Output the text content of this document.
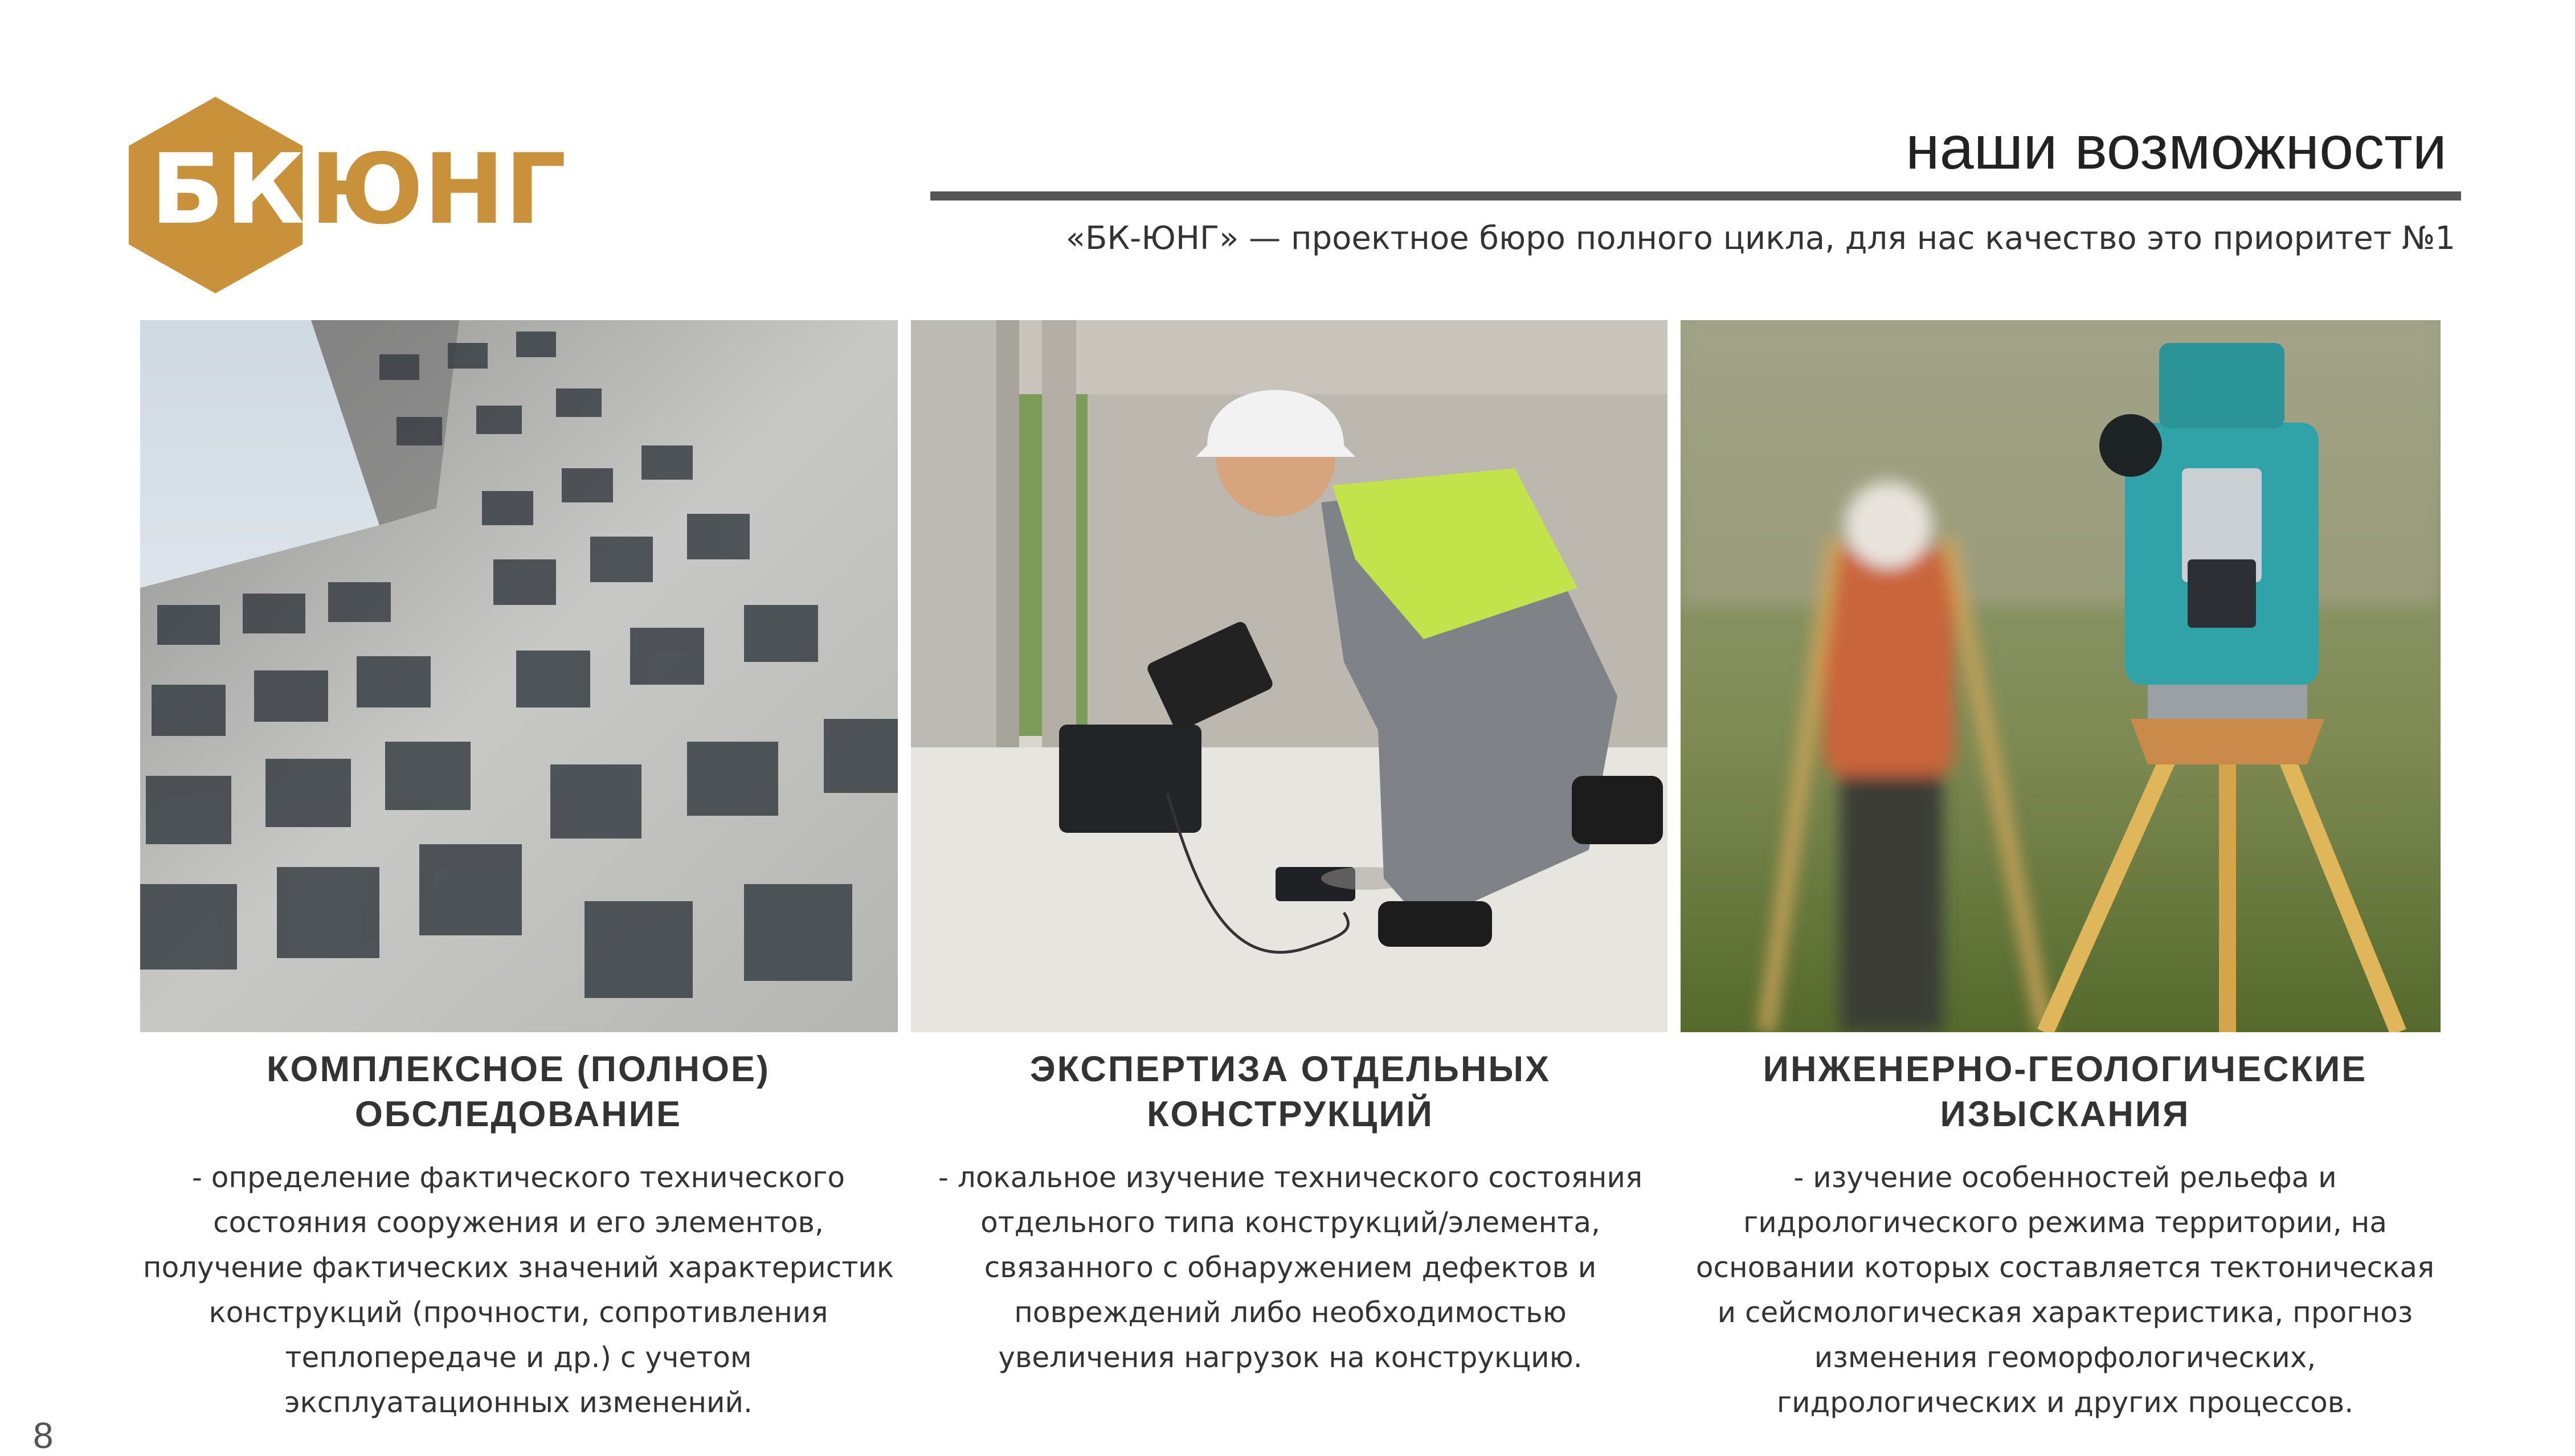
БК ЮНГ	наши возможности
«БК-ЮНГ» — проектное бюро полного цикла, для нас качество это приоритет №1
КОМПЛЕКСНОЕ (ПОЛНОЕ)
ОБСЛЕДОВАНИЕ

- определение фактического технического
состояния сооружения и его элементов,
получение фактических значений характеристик
конструкций (прочности, сопротивления
теплопередаче и др.) с учетом
эксплуатационных изменений.

ЭКСПЕРТИЗА ОТДЕЛЬНЫХ
КОНСТРУКЦИЙ

- локальное изучение технического состояния
отдельного типа конструкций/элемента,
связанного с обнаружением дефектов и
повреждений либо необходимостью
увеличения нагрузок на конструкцию.

ИНЖЕНЕРНО-ГЕОЛОГИЧЕСКИЕ
ИЗЫСКАНИЯ

- изучение особенностей рельефа и
гидрологического режима территории, на
основании которых составляется тектоническая
и сейсмологическая характеристика, прогноз
изменения геоморфологических,
гидрологических и других процессов.

8
